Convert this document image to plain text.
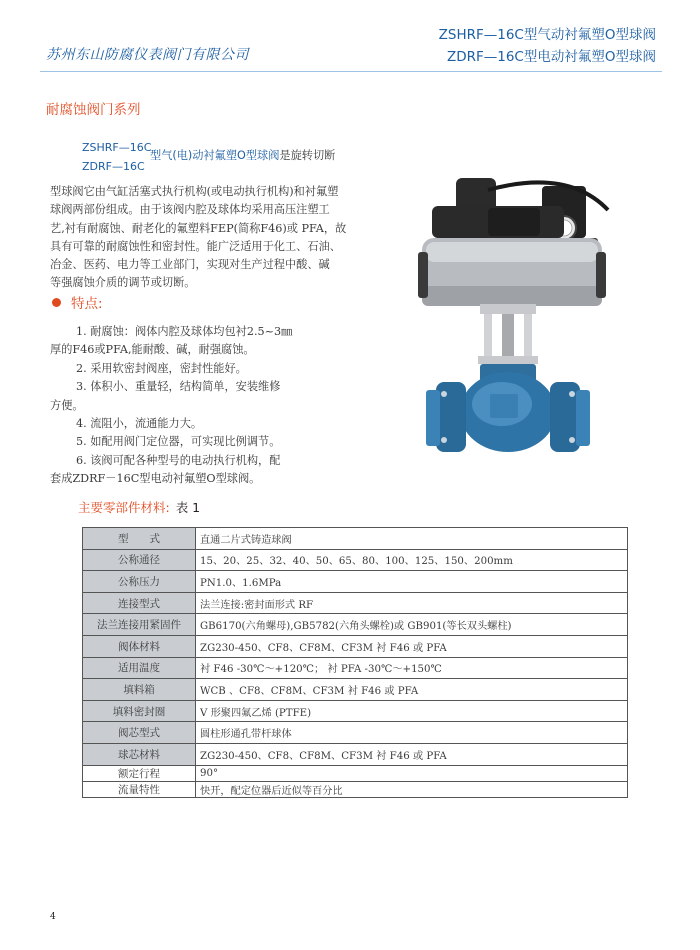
苏州东山防腐仪表阀门有限公司
ZSHRF—16C型气动衬氟塑O型球阀
ZDRF—16C型电动衬氟塑O型球阀
耐腐蚀阀门系列
ZSHRF—16C
ZDRF—16C
型气(电)动衬氟塑O型球阀是旋转切断
型球阀它由气缸活塞式执行机构(或电动执行机构)和衬氟塑
球阀两部份组成。由于该阀内腔及球体均采用高压注塑工
艺,衬有耐腐蚀、耐老化的氟塑料FEP(简称F46)或 PFA，故
具有可靠的耐腐蚀性和密封性。能广泛适用于化工、石油、
冶金、医药、电力等工业部门，实现对生产过程中酸、碱
等强腐蚀介质的调节或切断。
特点:

1. 耐腐蚀：阀体内腔及球体均包衬2.5~3㎜

厚的F46或PFA,能耐酸、碱，耐强腐蚀。

2. 采用软密封阀座，密封性能好。

3. 体积小、重量轻，结构简单，安装维修

方便。

4. 流阻小，流通能力大。

5. 如配用阀门定位器，可实现比例调节。

6. 该阀可配各种型号的电动执行机构，配

套成ZDRF－16C型电动衬氟塑O型球阀。

主要零部件材料: 表 1
型　　式	直通二片式铸造球阀
公称通径	15、20、25、32、40、50、65、80、100、125、150、200mm
公称压力	PN1.0、1.6MPa
连接型式	法兰连接:密封面形式 RF
法兰连接用紧固件	GB6170(六角螺母),GB5782(六角头螺栓)或 GB901(等长双头螺柱)
阀体材料	ZG230-450、CF8、CF8M、CF3M 衬 F46 或 PFA
适用温度	衬 F46 -30℃～+120℃； 衬 PFA -30℃～+150℃
填料箱	WCB 、CF8、CF8M、CF3M 衬 F46 或 PFA
填料密封圈	V 形聚四氟乙烯 (PTFE)
阀芯型式	圆柱形通孔带杆球体
球芯材料	ZG230-450、CF8、CF8M、CF3M 衬 F46 或 PFA
额定行程	90°
流量特性	快开，配定位器后近似等百分比
4
